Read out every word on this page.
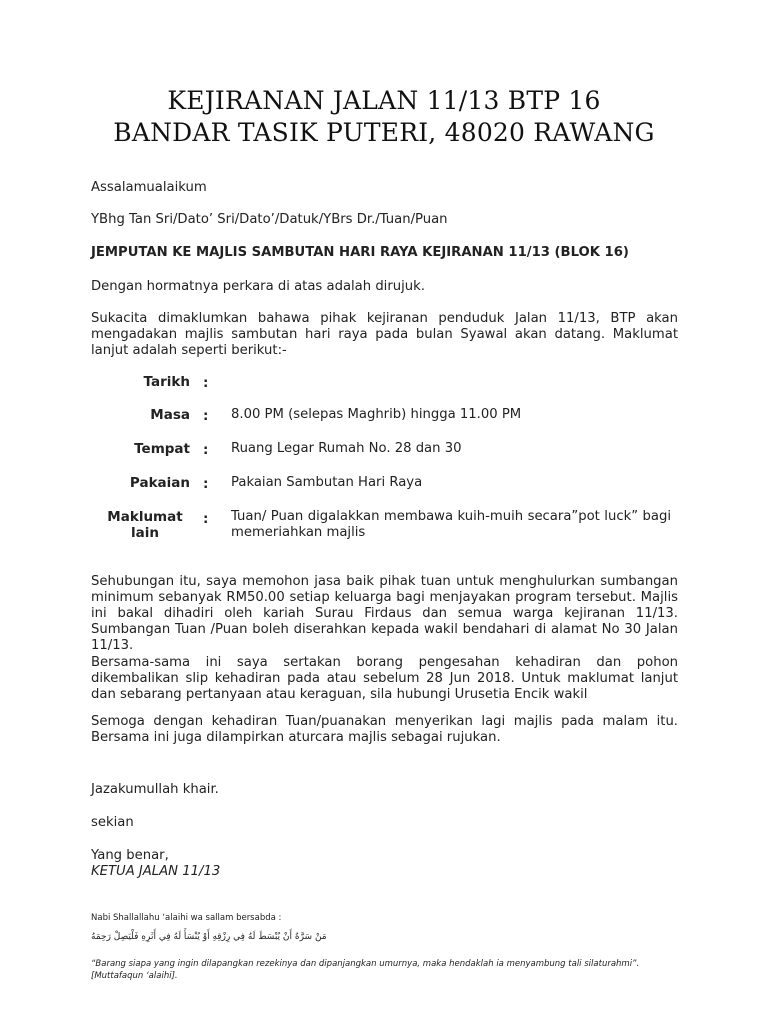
KEJIRANAN JALAN 11/13 BTP 16
BANDAR TASIK PUTERI, 48020 RAWANG
Assalamualaikum
YBhg Tan Sri/Dato’ Sri/Dato’/Datuk/YBrs Dr./Tuan/Puan
JEMPUTAN KE MAJLIS SAMBUTAN HARI RAYA KEJIRANAN 11/13 (BLOK 16)
Dengan hormatnya perkara di atas adalah dirujuk.
Sukacita dimaklumkan bahawa pihak kejiranan penduduk Jalan 11/13, BTP akan mengadakan majlis sambutan hari raya pada bulan Syawal akan datang. Maklumat lanjut adalah seperti berikut:-
Tarikh :
Masa : 8.00 PM (selepas Maghrib) hingga 11.00 PM
Tempat : Ruang Legar Rumah No. 28 dan 30
Pakaian : Pakaian Sambutan Hari Raya
Maklumat lain
: Tuan/ Puan digalakkan membawa kuih-muih secara”pot luck” bagi memeriahkan majlis
Sehubungan itu, saya memohon jasa baik pihak tuan untuk menghulurkan sumbangan minimum sebanyak RM50.00 setiap keluarga bagi menjayakan program tersebut. Majlis ini bakal dihadiri oleh kariah Surau Firdaus dan semua warga kejiranan 11/13. Sumbangan Tuan /Puan boleh diserahkan kepada wakil bendahari di alamat No 30 Jalan 11/13.
Bersama-sama ini saya sertakan borang pengesahan kehadiran dan pohon dikembalikan slip kehadiran pada atau sebelum 28 Jun 2018. Untuk maklumat lanjut dan sebarang pertanyaan atau keraguan, sila hubungi Urusetia Encik wakil
Semoga dengan kehadiran Tuan/puanakan menyerikan lagi majlis pada malam itu. Bersama ini juga dilampirkan aturcara majlis sebagai rujukan.
Jazakumullah khair.
sekian
Yang benar,
KETUA JALAN 11/13
Nabi Shallallahu ‘alaihi wa sallam bersabda :
مَنْ سَرَّهُ أَنْ يُبْسَطَ لَهُ فِي رِزْقِهِ أَوْ يُنْسَأَ لَهُ فِي أَثَرِهِ فَلْيَصِلْ رَحِمَهُ
“Barang siapa yang ingin dilapangkan rezekinya dan dipanjangkan umurnya, maka hendaklah ia menyambung tali silaturahmi”. [Muttafaqun ‘alaihi].
